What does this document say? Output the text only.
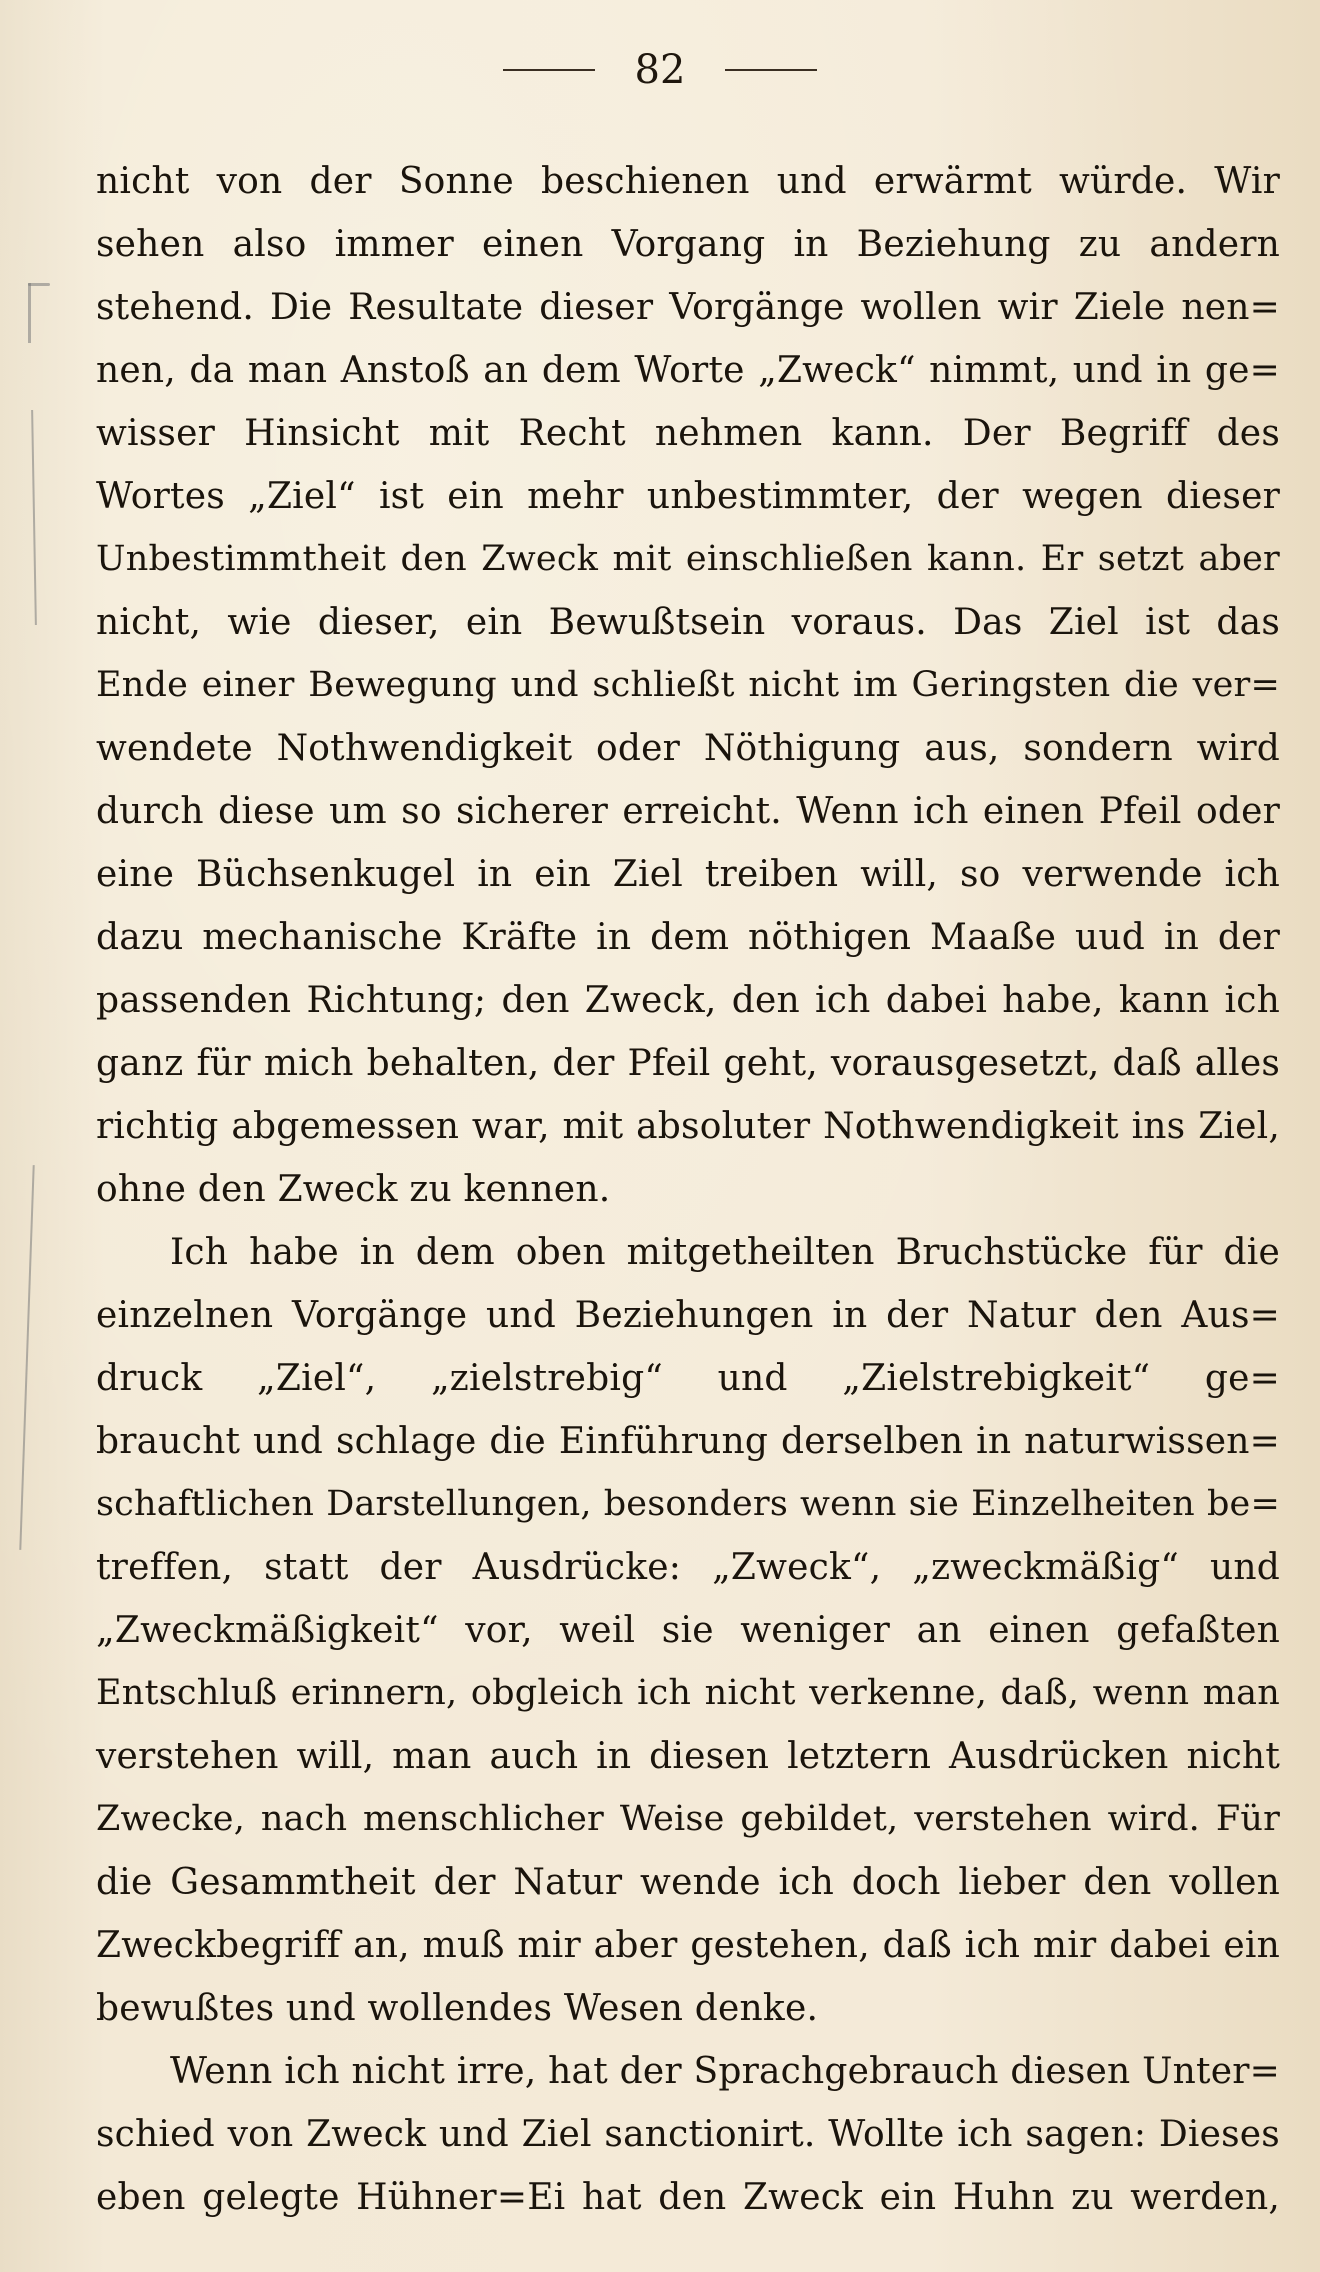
82
nicht von der Sonne beschienen und erwärmt würde. Wir
sehen also immer einen Vorgang in Beziehung zu andern
stehend. Die Resultate dieser Vorgänge wollen wir Ziele nen=
nen, da man Anstoß an dem Worte „Zweck“ nimmt, und in ge=
wisser Hinsicht mit Recht nehmen kann. Der Begriff des
Wortes „Ziel“ ist ein mehr unbestimmter, der wegen dieser
Unbestimmtheit den Zweck mit einschließen kann. Er setzt aber
nicht, wie dieser, ein Bewußtsein voraus. Das Ziel ist das
Ende einer Bewegung und schließt nicht im Geringsten die ver=
wendete Nothwendigkeit oder Nöthigung aus, sondern wird
durch diese um so sicherer erreicht. Wenn ich einen Pfeil oder
eine Büchsenkugel in ein Ziel treiben will, so verwende ich
dazu mechanische Kräfte in dem nöthigen Maaße uud in der
passenden Richtung; den Zweck, den ich dabei habe, kann ich
ganz für mich behalten, der Pfeil geht, vorausgesetzt, daß alles
richtig abgemessen war, mit absoluter Nothwendigkeit ins Ziel,
ohne den Zweck zu kennen.
Ich habe in dem oben mitgetheilten Bruchstücke für die
einzelnen Vorgänge und Beziehungen in der Natur den Aus=
druck „Ziel“, „zielstrebig“ und „Zielstrebigkeit“ ge=
braucht und schlage die Einführung derselben in naturwissen=
schaftlichen Darstellungen, besonders wenn sie Einzelheiten be=
treffen, statt der Ausdrücke: „Zweck“, „zweckmäßig“ und
„Zweckmäßigkeit“ vor, weil sie weniger an einen gefaßten
Entschluß erinnern, obgleich ich nicht verkenne, daß, wenn man
verstehen will, man auch in diesen letztern Ausdrücken nicht
Zwecke, nach menschlicher Weise gebildet, verstehen wird. Für
die Gesammtheit der Natur wende ich doch lieber den vollen
Zweckbegriff an, muß mir aber gestehen, daß ich mir dabei ein
bewußtes und wollendes Wesen denke.
Wenn ich nicht irre, hat der Sprachgebrauch diesen Unter=
schied von Zweck und Ziel sanctionirt. Wollte ich sagen: Dieses
eben gelegte Hühner=Ei hat den Zweck ein Huhn zu werden,
